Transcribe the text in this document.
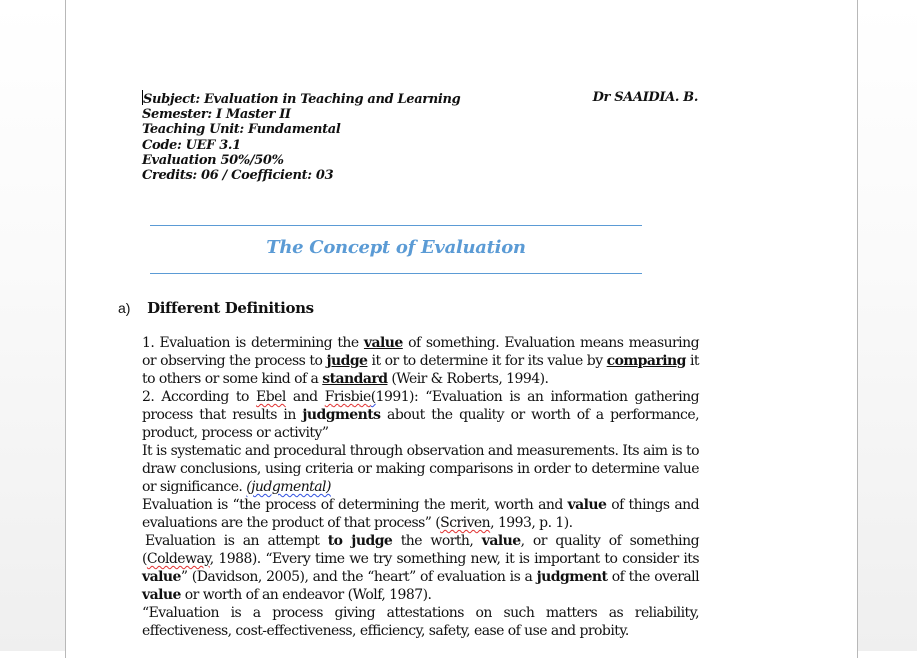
Subject: Evaluation in Teaching and Learning	Dr SAAIDIA. B.
Semester: I Master II
Teaching Unit: Fundamental
Code: UEF 3.1
Evaluation 50%/50%
Credits: 06 / Coefficient: 03
The Concept of Evaluation
a) Different Definitions

1. Evaluation is determining the value of something. Evaluation means measuring or observing the process to judge it or to determine it for its value by comparing it to others or some kind of a standard (Weir & Roberts, 1994).

2. According to Ebel and Frisbie(1991): “Evaluation is an information gathering process that results in judgments about the quality or worth of a performance, product, process or activity”

It is systematic and procedural through observation and measurements. Its aim is to draw conclusions, using criteria or making comparisons in order to determine value or significance. (judgmental)

Evaluation is “the process of determining the merit, worth and value of things and evaluations are the product of that process” (Scriven, 1993, p. 1).

Evaluation is an attempt to judge the worth, value, or quality of something (Coldeway, 1988). “Every time we try something new, it is important to consider its value” (Davidson, 2005), and the “heart” of evaluation is a judgment of the overall value or worth of an endeavor (Wolf, 1987).

“Evaluation is a process giving attestations on such matters as reliability, effectiveness, cost-effectiveness, efficiency, safety, ease of use and probity.
